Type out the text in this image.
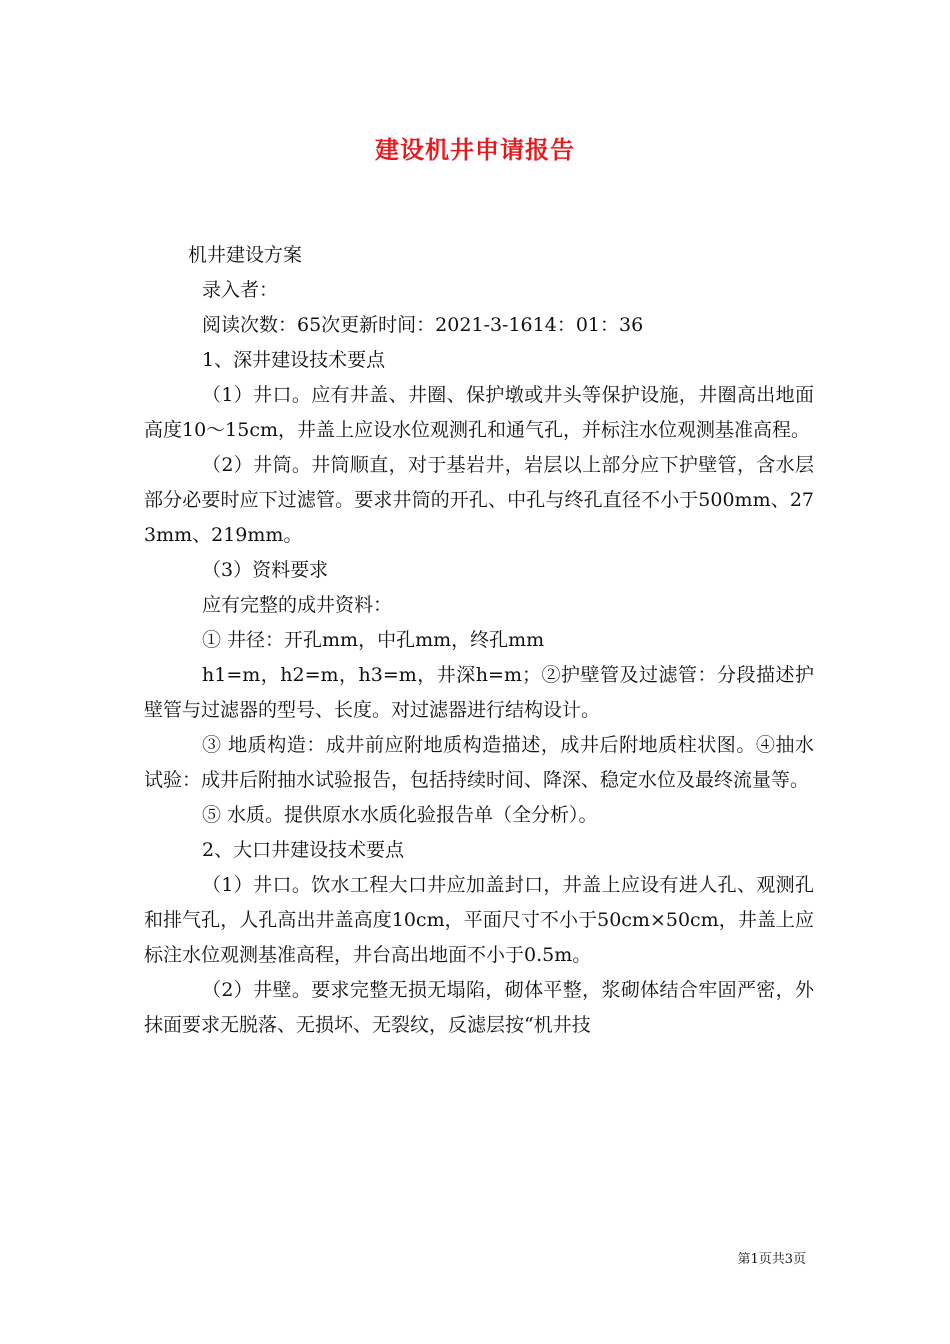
建设机井申请报告

机井建设方案

录入者：

阅读次数：65次更新时间：2021-3-1614：01：36

1、深井建设技术要点

（1）井口。应有井盖、井圈、保护墩或井头等保护设施，井圈高出地面高度10～15cm，井盖上应设水位观测孔和通气孔，并标注水位观测基准高程。

（2）井筒。井筒顺直，对于基岩井，岩层以上部分应下护壁管，含水层部分必要时应下过滤管。要求井筒的开孔、中孔与终孔直径不小于500mm、273mm、219mm。

（3）资料要求

应有完整的成井资料：

① 井径：开孔mm，中孔mm，终孔mm

h1=m，h2=m，h3=m，井深h=m；②护壁管及过滤管：分段描述护壁管与过滤器的型号、长度。对过滤器进行结构设计。

③ 地质构造：成井前应附地质构造描述，成井后附地质柱状图。④抽水试验：成井后附抽水试验报告，包括持续时间、降深、稳定水位及最终流量等。

⑤ 水质。提供原水水质化验报告单（全分析）。

2、大口井建设技术要点

（1）井口。饮水工程大口井应加盖封口，井盖上应设有进人孔、观测孔和排气孔，人孔高出井盖高度10cm，平面尺寸不小于50cm×50cm，井盖上应标注水位观测基准高程，井台高出地面不小于0.5m。

（2）井壁。要求完整无损无塌陷，砌体平整，浆砌体结合牢固严密，外抹面要求无脱落、无损坏、无裂纹，反滤层按“机井技

第1页共3页
